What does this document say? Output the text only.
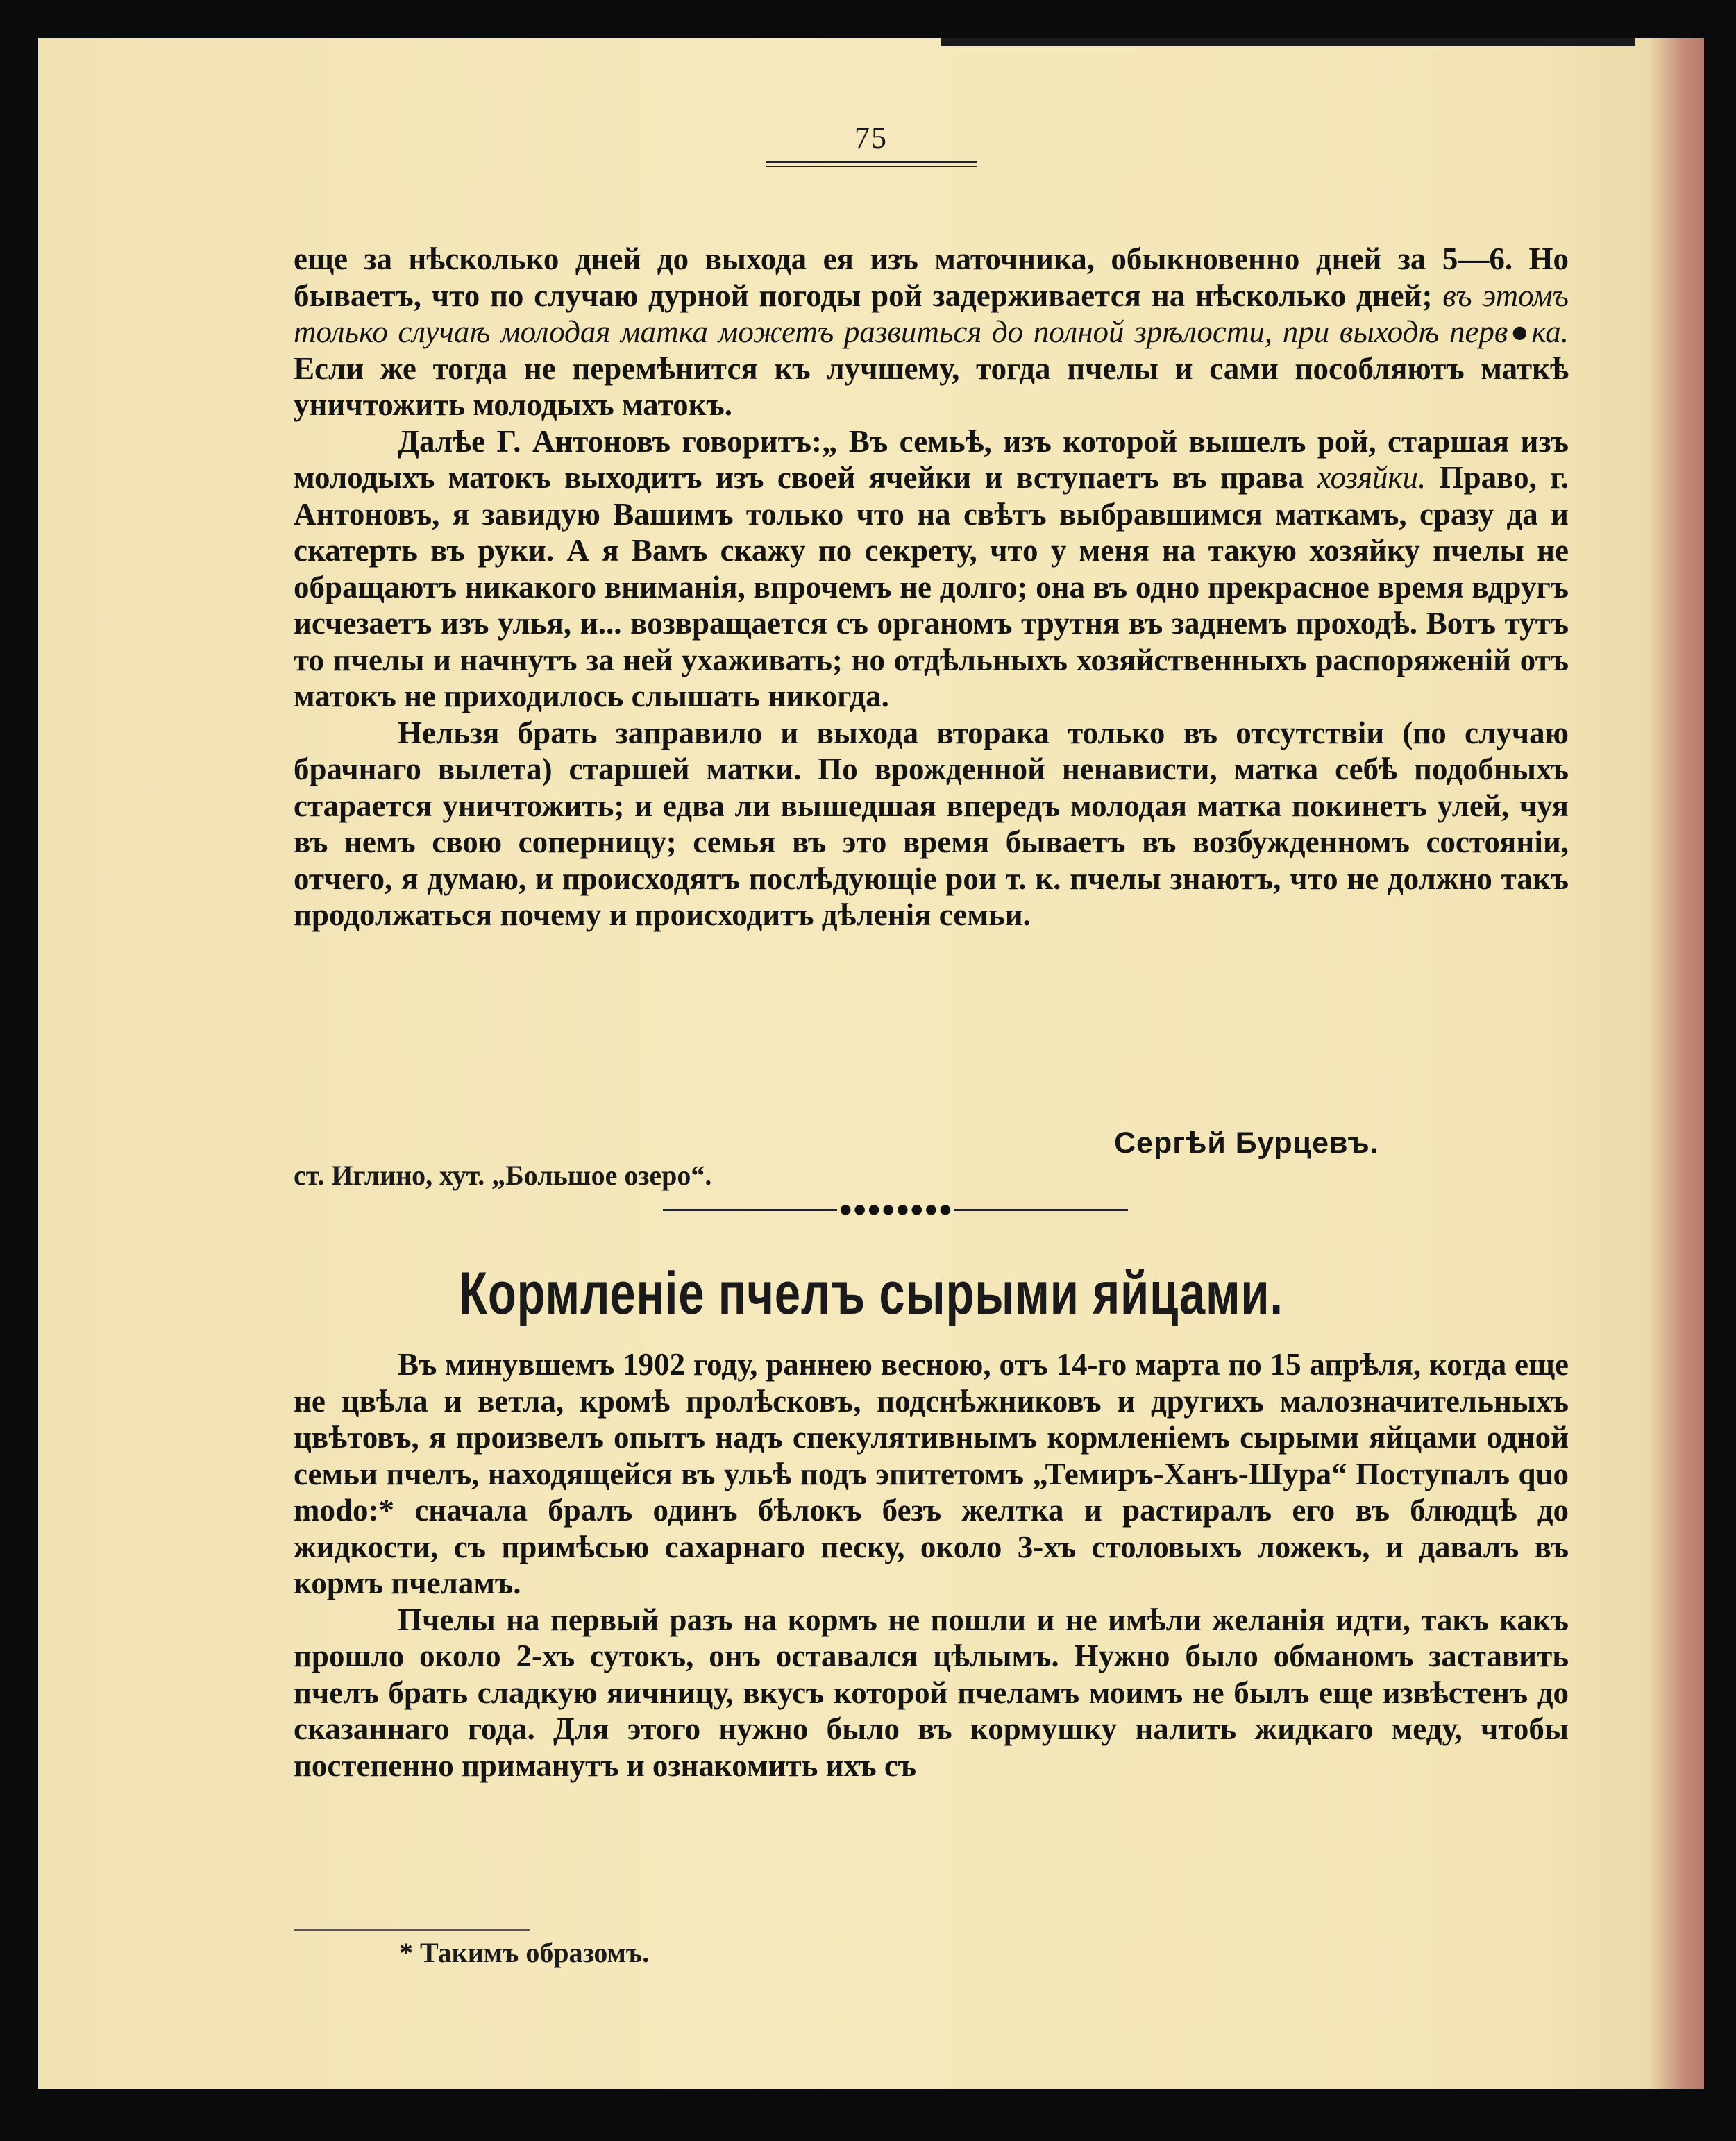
75

еще за нѣсколько дней до выхода ея изъ маточника, обыкновенно дней за 5—6. Но бываетъ, что по случаю дурной погоды рой задерживается на нѣсколько дней; въ этомъ только случаѣ молодая матка можетъ развиться до полной зрѣлости, при выходѣ перв●ка. Если же тогда не перемѣнится къ лучшему, тогда пчелы и сами пособляютъ маткѣ уничтожить молодыхъ матокъ.

Далѣе Г. Антоновъ говоритъ:„ Въ семьѣ, изъ которой вышелъ рой, старшая изъ молодыхъ матокъ выходитъ изъ своей ячейки и вступаетъ въ права хозяйки. Право, г. Антоновъ, я завидую Вашимъ только что на свѣтъ выбравшимся маткамъ, сразу да и скатерть въ руки. А я Вамъ скажу по секрету, что у меня на такую хозяйку пчелы не обращаютъ никакого вниманія, впрочемъ не долго; она въ одно прекрасное время вдругъ исчезаетъ изъ улья, и... возвращается съ органомъ трутня въ заднемъ проходѣ. Вотъ тутъ то пчелы и начнутъ за ней ухаживать; но отдѣльныхъ хозяйственныхъ распоряженій отъ матокъ не приходилось слышать никогда.

Нельзя брать заправило и выхода вторака только въ отсутствіи (по случаю брачнаго вылета) старшей матки. По врожденной ненависти, матка себѣ подобныхъ старается уничтожить; и едва ли вышедшая впередъ молодая матка покинетъ улей, чуя въ немъ свою соперницу; семья въ это время бываетъ въ возбужденномъ состояніи, отчего, я думаю, и происходятъ послѣдующіе рои т. к. пчелы знаютъ, что не должно такъ продолжаться почему и происходитъ дѣленія семьи.

Сергѣй Бурцевъ.
ст. Иглино, хут. „Большое озеро“.
●●●●●●●●
Кормленіе пчелъ сырыми яйцами.

Въ минувшемъ 1902 году, раннею весною, отъ 14-го марта по 15 апрѣля, когда еще не цвѣла и ветла, кромѣ пролѣсковъ, подснѣжниковъ и другихъ малозначительныхъ цвѣтовъ, я произвелъ опытъ надъ спекулятивнымъ кормленіемъ сырыми яйцами одной семьи пчелъ, находящейся въ ульѣ подъ эпитетомъ „Темиръ-Ханъ-Шура“ Поступалъ quo modo:* сначала бралъ одинъ бѣлокъ безъ желтка и растиралъ его въ блюдцѣ до жидкости, съ примѣсью сахарнаго песку, около 3-хъ столовыхъ ложекъ, и давалъ въ кормъ пчеламъ.

Пчелы на первый разъ на кормъ не пошли и не имѣли желанія идти, такъ какъ прошло около 2-хъ сутокъ, онъ оставался цѣлымъ. Нужно было обманомъ заставить пчелъ брать сладкую яичницу, вкусъ которой пчеламъ моимъ не былъ еще извѣстенъ до сказаннаго года. Для этого нужно было въ кормушку налить жидкаго меду, чтобы постепенно приманутъ и ознакомить ихъ съ

* Такимъ образомъ.
